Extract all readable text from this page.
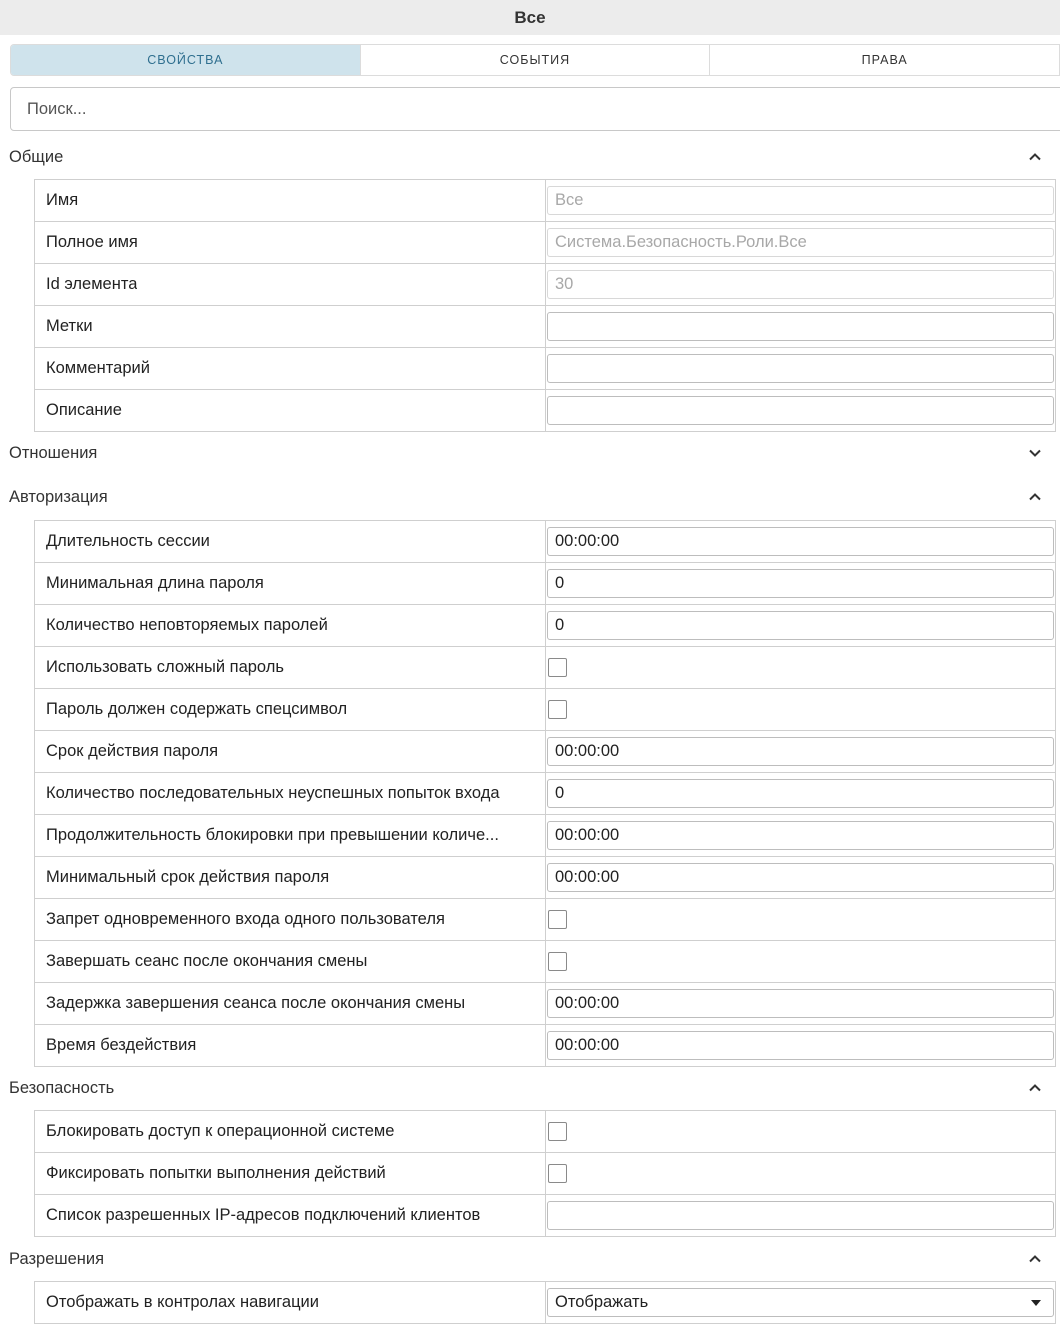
Все
СВОЙСТВА	СОБЫТИЯ	ПРАВА
Поиск...
Общие
Имя	Все
Полное имя	Система.Безопасность.Роли.Все
Id элемента	30
Метки
Комментарий
Описание
Отношения
Авторизация
Длительность сессии	00:00:00
Минимальная длина пароля	0
Количество неповторяемых паролей	0
Использовать сложный пароль
Пароль должен содержать спецсимвол
Срок действия пароля	00:00:00
Количество последовательных неуспешных попыток входа	0
Продолжительность блокировки при превышении количе...	00:00:00
Минимальный срок действия пароля	00:00:00
Запрет одновременного входа одного пользователя
Завершать сеанс после окончания смены
Задержка завершения сеанса после окончания смены	00:00:00
Время бездействия	00:00:00
Безопасность
Блокировать доступ к операционной системе
Фиксировать попытки выполнения действий
Список разрешенных IP-адресов подключений клиентов
Разрешения
Отображать в контролах навигации	Отображать
